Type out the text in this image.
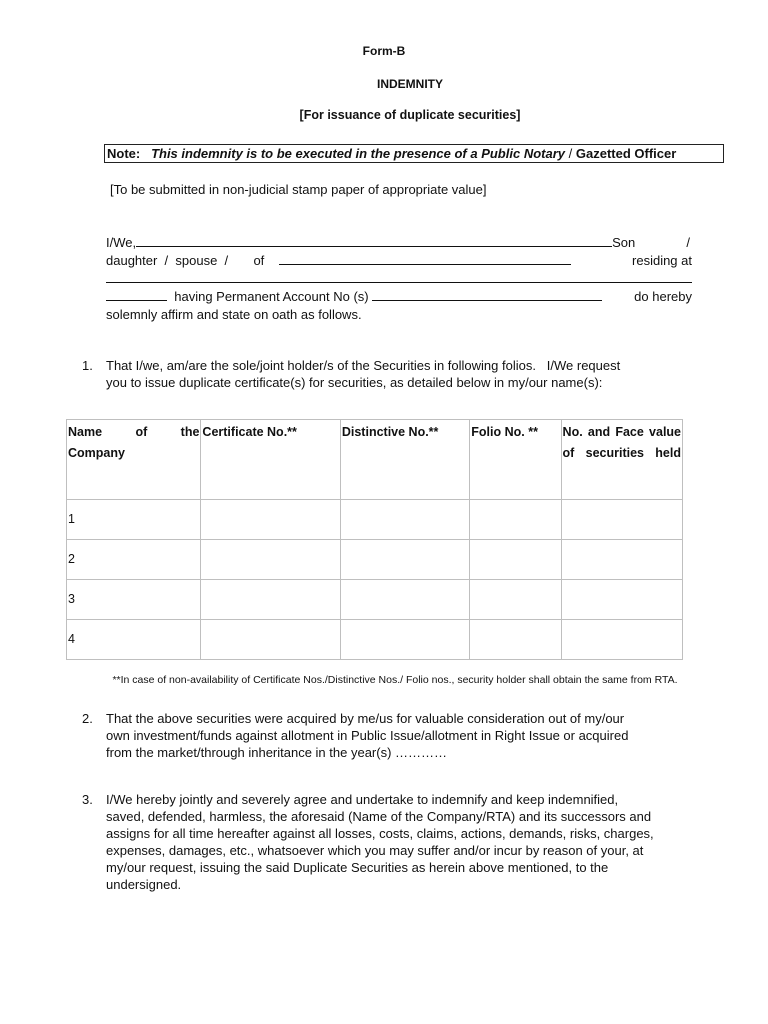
Form-B
INDEMNITY
[For issuance of duplicate securities]
Note: This indemnity is to be executed in the presence of a Public Notary / Gazetted Officer
[To be submitted in non-judicial stamp paper of appropriate value]
I/We,	Son	/
daughter  /  spouse  /       of	residing at
having Permanent Account No (s)	do hereby
solemnly affirm and state on oath as follows.
1. That I/we, am/are the sole/joint holder/s of the Securities in following folios.   I/We request
you to issue duplicate certificate(s) for securities, as detailed below in my/our name(s):
Name of the Company	Certificate No.**	Distinctive No.**	Folio No. **	No. and Face value of securities held
1				
2				
3				
4				
**In case of non-availability of Certificate Nos./Distinctive Nos./ Folio nos., security holder shall obtain the same from RTA.
2. That the above securities were acquired by me/us for valuable consideration out of my/our
own investment/funds against allotment in Public Issue/allotment in Right Issue or acquired
from the market/through inheritance in the year(s) …………
3. I/We hereby jointly and severely agree and undertake to indemnify and keep indemnified,
saved, defended, harmless, the aforesaid (Name of the Company/RTA) and its successors and
assigns for all time hereafter against all losses, costs, claims, actions, demands, risks, charges,
expenses, damages, etc., whatsoever which you may suffer and/or incur by reason of your, at
my/our request, issuing the said Duplicate Securities as herein above mentioned, to the
undersigned.
